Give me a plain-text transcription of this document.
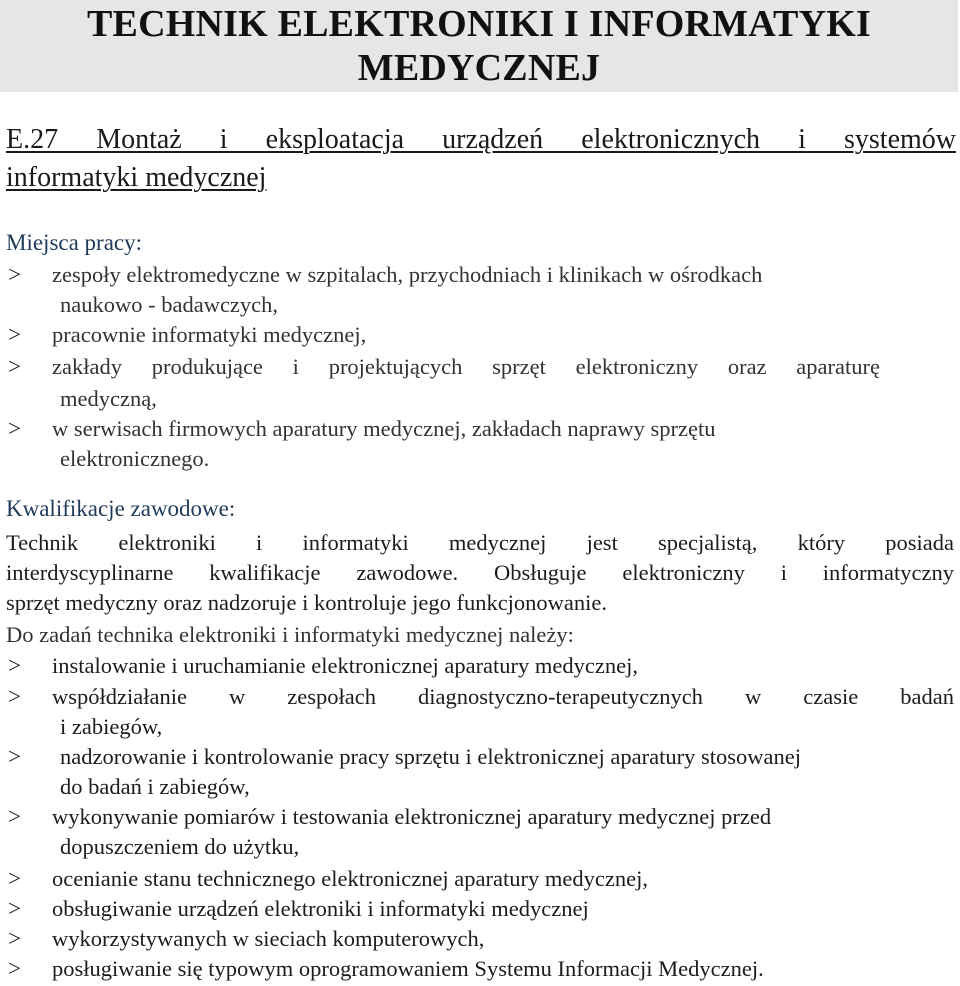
TECHNIK ELEKTRONIKI I INFORMATYKI
MEDYCZNEJ
E.27 Montaż i eksploatacja urządzeń elektronicznych i systemów
informatyki medycznej
Miejsca pracy:
> zespoły elektromedyczne w szpitalach, przychodniach i klinikach w ośrodkach
naukowo - badawczych,
> pracownie informatyki medycznej,
> zakłady produkujące i projektujących sprzęt elektroniczny oraz aparaturę
medyczną,
> w serwisach firmowych aparatury medycznej, zakładach naprawy sprzętu
elektronicznego.
Kwalifikacje zawodowe:
Technik elektroniki i informatyki medycznej jest specjalistą, który posiada
interdyscyplinarne kwalifikacje zawodowe. Obsługuje elektroniczny i informatyczny
sprzęt medyczny oraz nadzoruje i kontroluje jego funkcjonowanie.
Do zadań technika elektroniki i informatyki medycznej należy:
> instalowanie i uruchamianie elektronicznej aparatury medycznej,
> współdziałanie w zespołach diagnostyczno-terapeutycznych w czasie badań
i zabiegów,
> nadzorowanie i kontrolowanie pracy sprzętu i elektronicznej aparatury stosowanej
do badań i zabiegów,
> wykonywanie pomiarów i testowania elektronicznej aparatury medycznej przed
dopuszczeniem do użytku,
> ocenianie stanu technicznego elektronicznej aparatury medycznej,
> obsługiwanie urządzeń elektroniki i informatyki medycznej
> wykorzystywanych w sieciach komputerowych,
> posługiwanie się typowym oprogramowaniem Systemu Informacji Medycznej.
